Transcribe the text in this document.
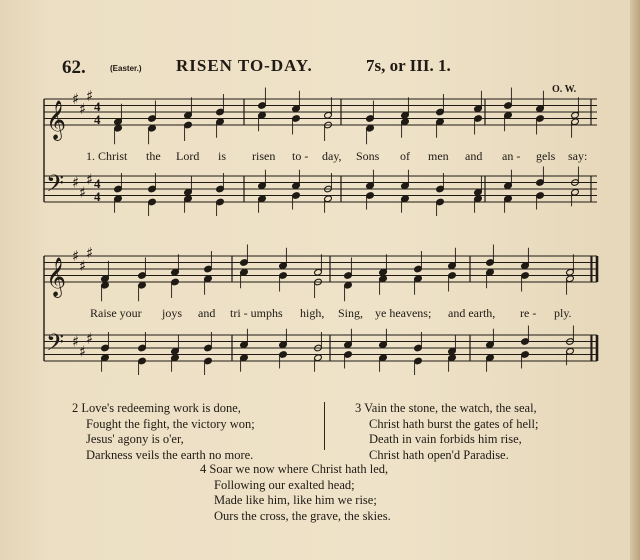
62.	(Easter.) RISEN TO-DAY.	7s, or III. 1.
O. W.
𝄞
♯
♯
♯
4
4
𝄢 ♯
♯
♯ 4
4
𝄞
♯
♯
♯
𝄢 ♯
♯
♯
1. Christ the Lord is risen to - day, Sons of men and an - gels say:
Raise your joys and tri - umphs high, Sing, ye heavens; and earth, re - ply.
2 Love's redeeming work is done,
Fought the fight, the victory won;
Jesus' agony is o'er,
Darkness veils the earth no more.
3 Vain the stone, the watch, the seal,
Christ hath burst the gates of hell;
Death in vain forbids him rise,
Christ hath open'd Paradise.
4 Soar we now where Christ hath led,
Following our exalted head;
Made like him, like him we rise;
Ours the cross, the grave, the skies.
